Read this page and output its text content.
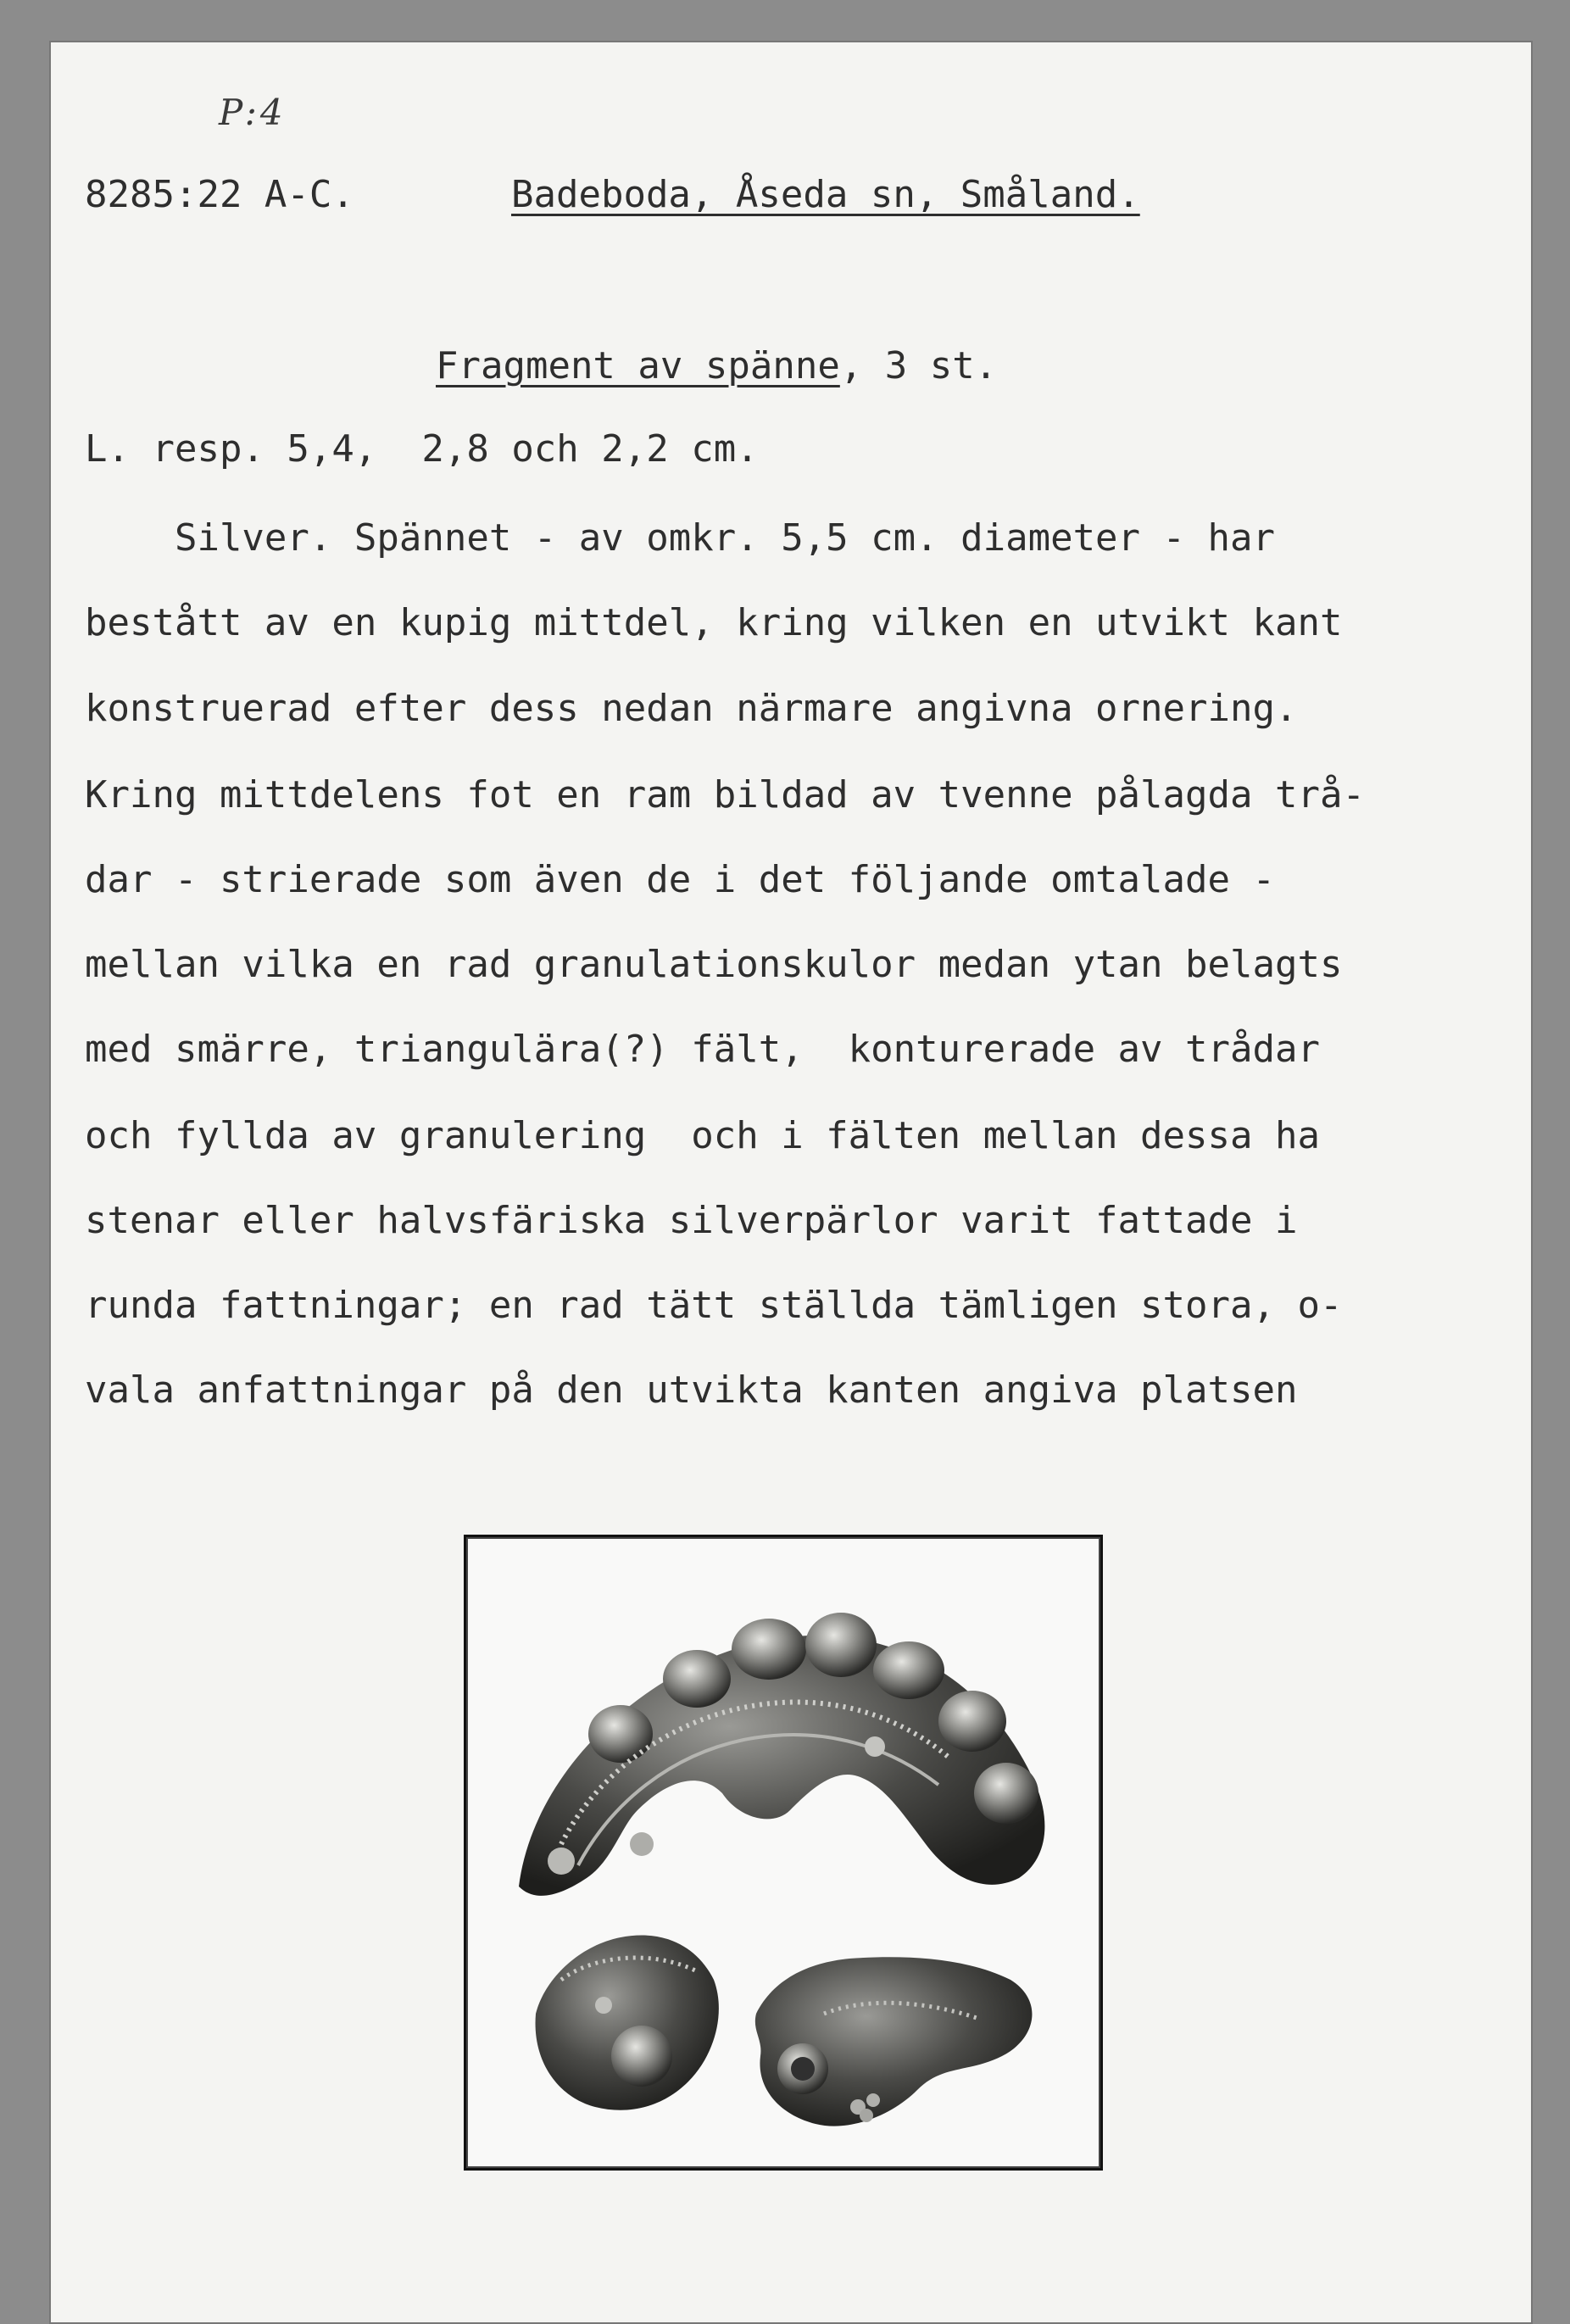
P:4
8285:22 A-C.	Badeboda, Åseda sn, Småland.
Fragment av spänne, 3 st.
L. resp. 5,4,  2,8 och 2,2 cm.
Silver. Spännet - av omkr. 5,5 cm. diameter - har
bestått av en kupig mittdel, kring vilken en utvikt kant
konstruerad efter dess nedan närmare angivna ornering.
Kring mittdelens fot en ram bildad av tvenne pålagda trå-
dar - strierade som även de i det följande omtalade -
mellan vilka en rad granulationskulor medan ytan belagts
med smärre, triangulära(?) fält,  konturerade av trådar
och fyllda av granulering  och i fälten mellan dessa ha
stenar eller halvsfäriska silverpärlor varit fattade i
runda fattningar; en rad tätt ställda tämligen stora, o-
vala anfattningar på den utvikta kanten angiva platsen
